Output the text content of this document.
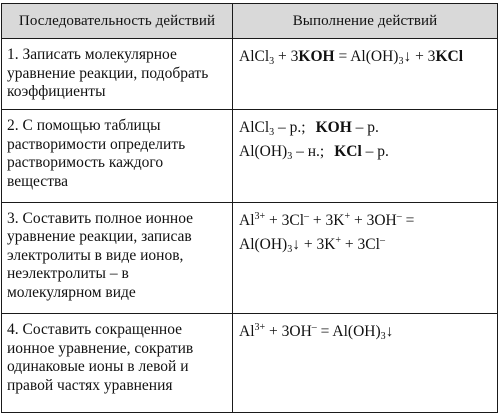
Последовательность действий	Выполнение действий
1. Записать молекулярное уравнение реакции, подобрать коэффициенты	AlCl$_3$ + $3KOH = Al(OH)_3↓ + 3KCl$

2. С помощью таблицы растворимости определить растворимость каждого вещества	AlCl$_3$ – р.; KOH – р.
$Al(OH)_3$ – н.; KCl – р.

3. Составить полное ионное уравнение реакции, записав электролиты в виде ионов, неэлектролиты – в молекулярном виде	$Al^{3+} + 3Cl^- + 3K^+ + 3OH^-$ =
$Al(OH)_3↓ + 3K^+ + 3Cl^-$

4. Составить сокращенное ионное уравнение, сократив одинаковые ионы в левой и правой частях уравнения	$Al^{3+} + 3OH^-$ = $Al(OH)_3↓$
